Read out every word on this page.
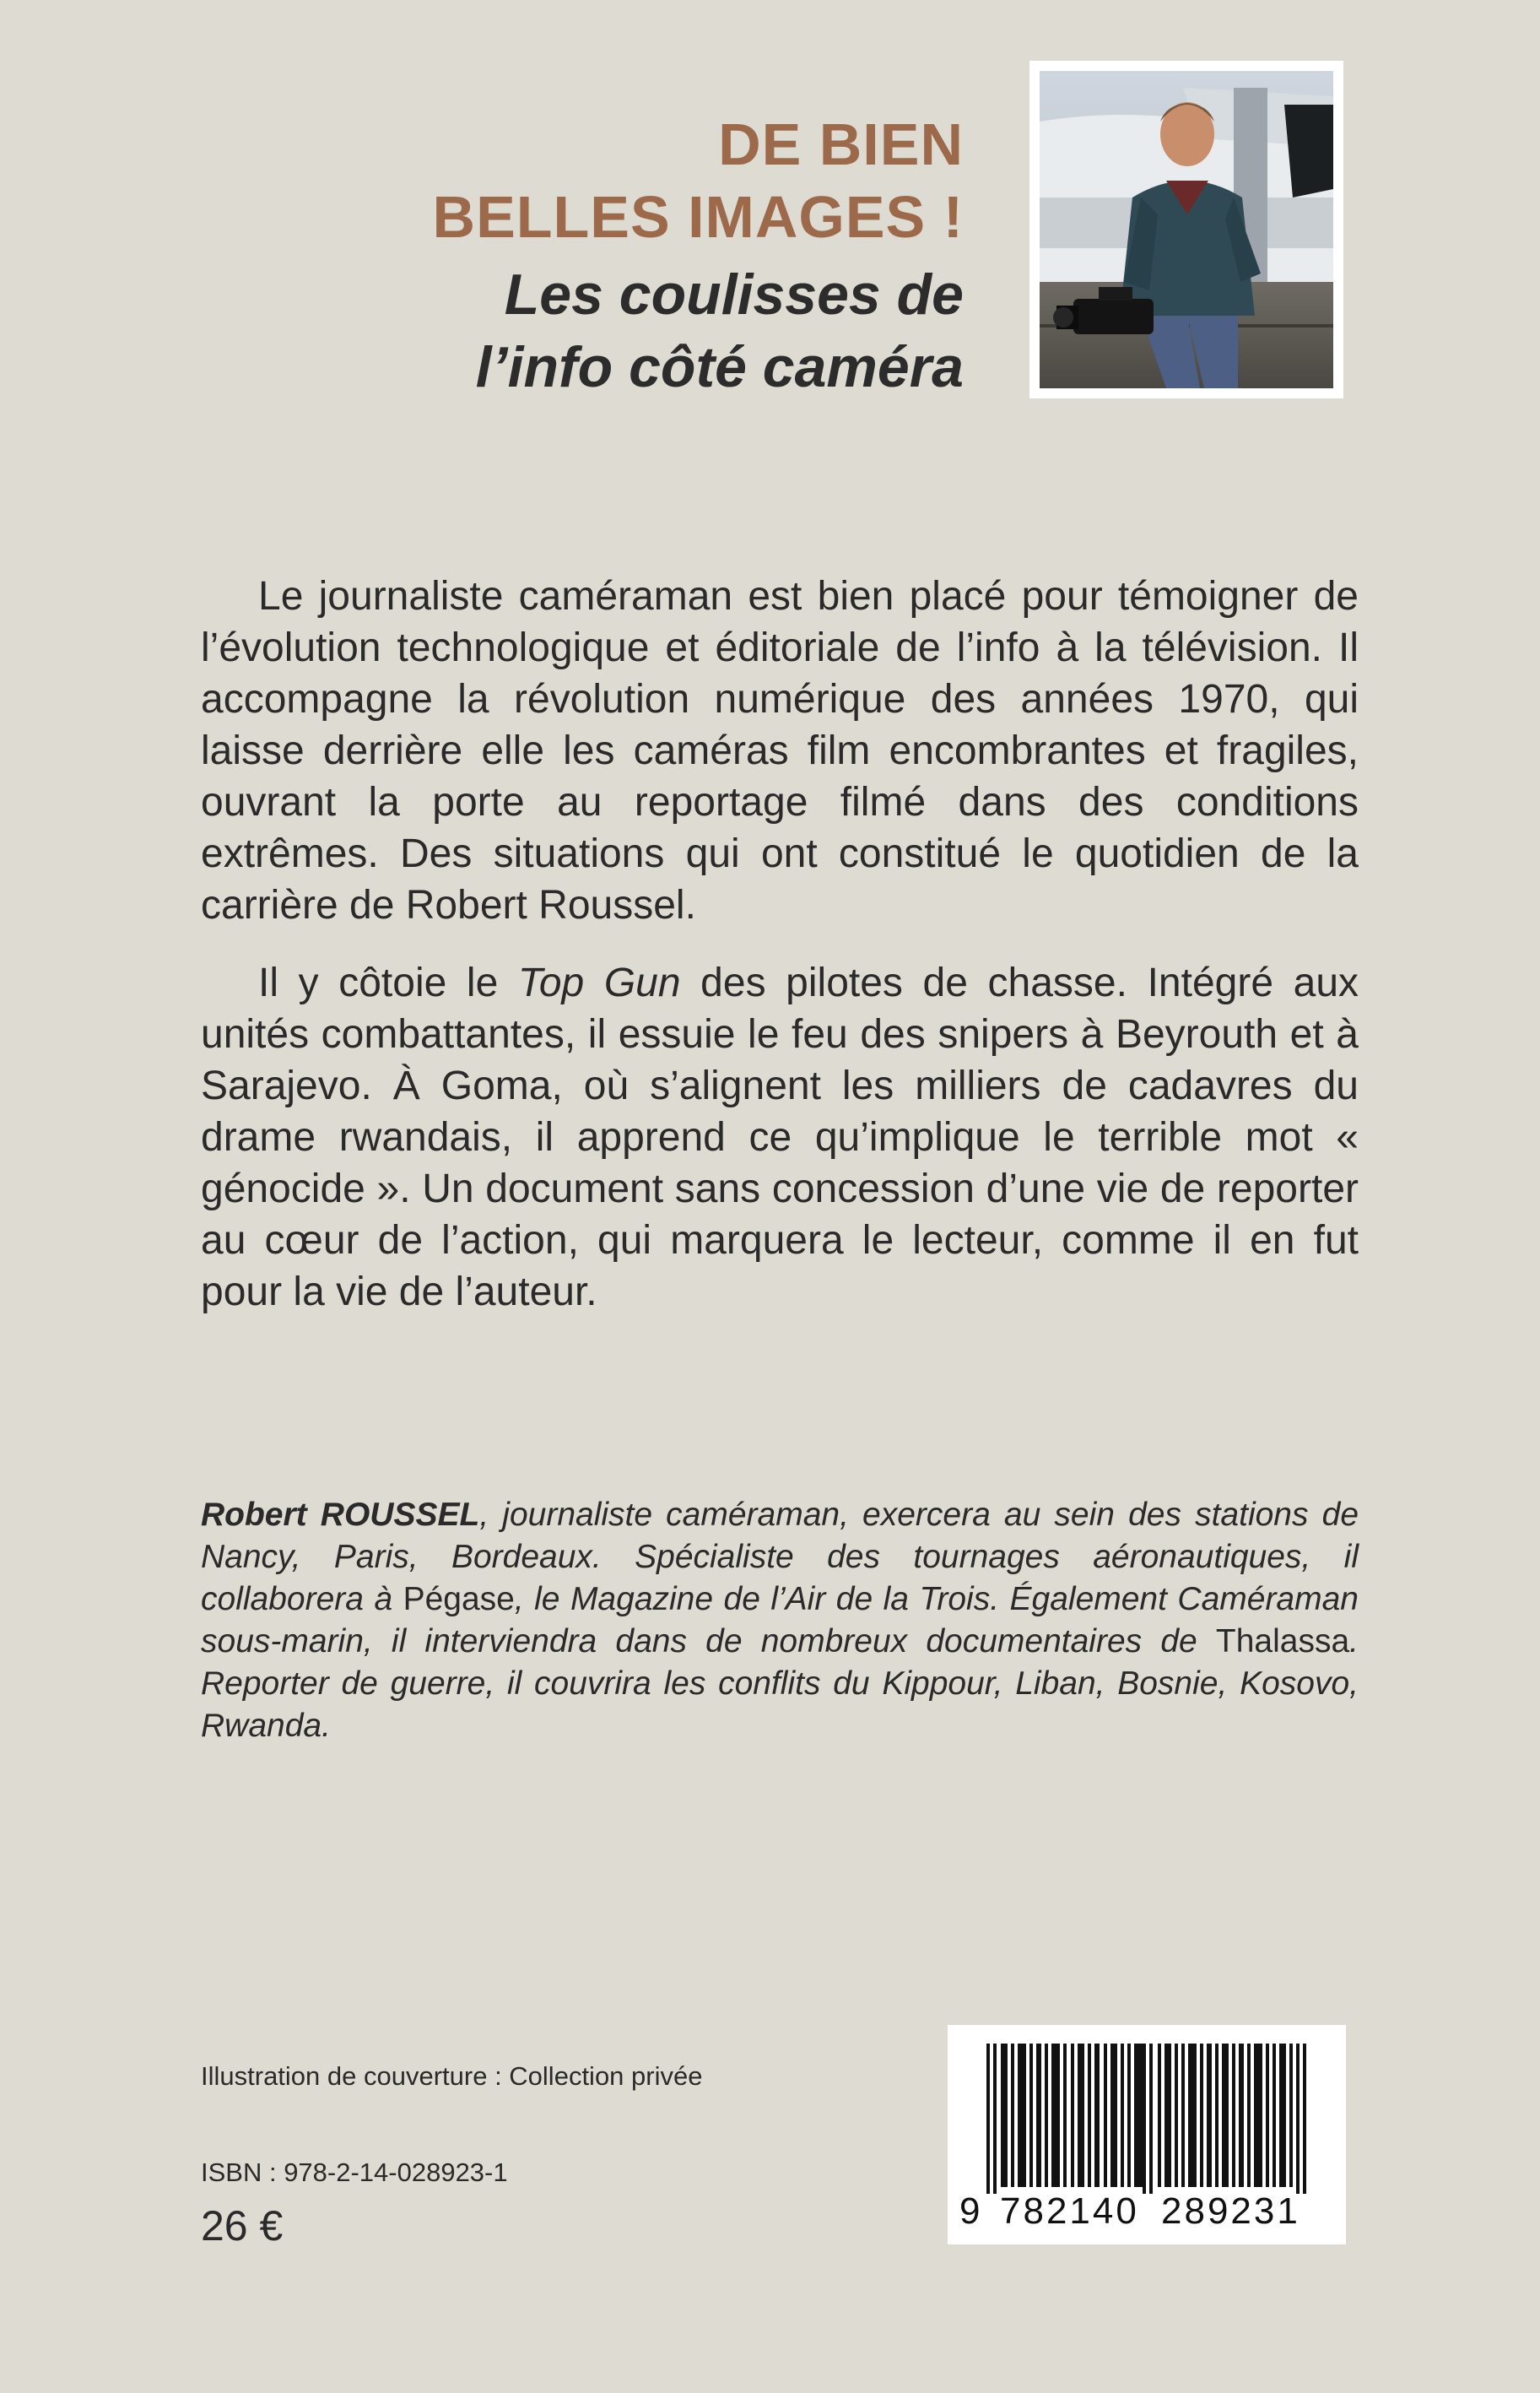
DE BIEN
BELLES IMAGES !
Les coulisses de
l’info côté caméra

Le journaliste caméraman est bien placé pour témoigner de l’évolution technologique et éditoriale de l’info à la télévision. Il accompagne la révolution numérique des années 1970, qui laisse derrière elle les caméras film encombrantes et fragiles, ouvrant la porte au reportage filmé dans des conditions extrêmes. Des situations qui ont constitué le quotidien de la carrière de Robert Roussel.

Il y côtoie le Top Gun des pilotes de chasse. Intégré aux unités combattantes, il essuie le feu des snipers à Beyrouth et à Sarajevo. À Goma, où s’alignent les milliers de cadavres du drame rwandais, il apprend ce qu’implique le terrible mot « génocide ». Un document sans concession d’une vie de reporter au cœur de l’action, qui marquera le lecteur, comme il en fut pour la vie de l’auteur.

Robert ROUSSEL, journaliste caméraman, exercera au sein des stations de Nancy, Paris, Bordeaux. Spécialiste des tournages aéronautiques, il collaborera à Pégase, le Magazine de l’Air de la Trois. Également Caméraman sous-marin, il interviendra dans de nombreux documentaires de Thalassa. Reporter de guerre, il couvrira les conflits du Kippour, Liban, Bosnie, Kosovo, Rwanda.

Illustration de couverture : Collection privée

ISBN : 978-2-14-028923-1

26 €	9 782140 289231
